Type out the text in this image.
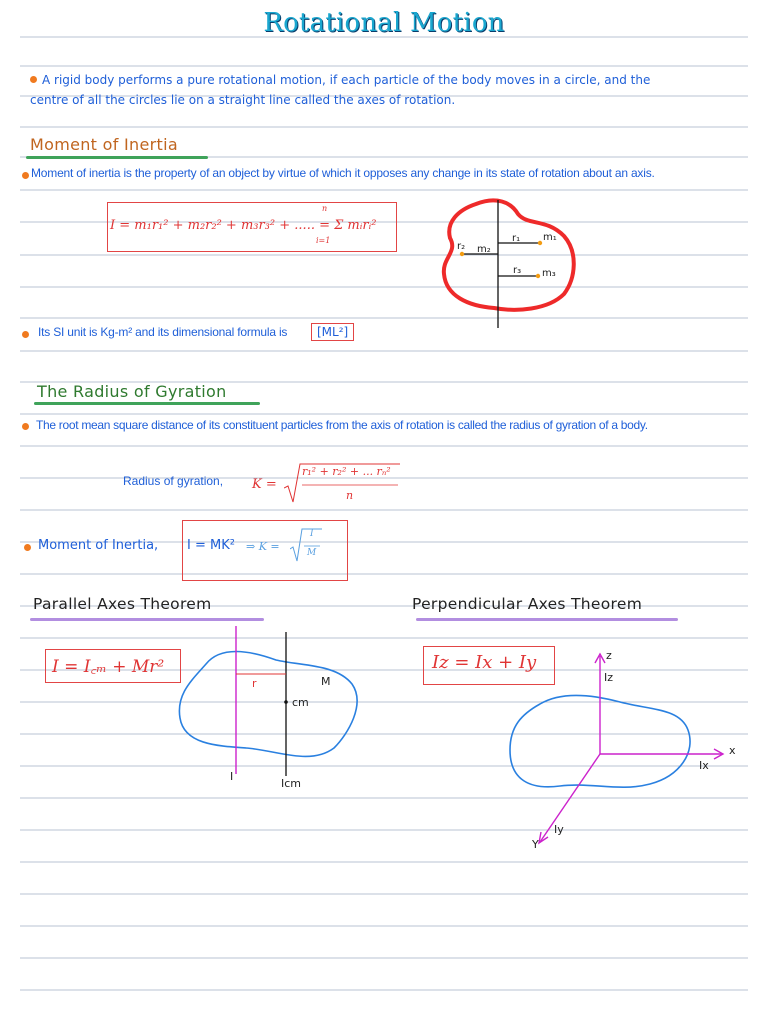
Rotational Motion
A rigid body performs a pure rotational motion, if each particle of the body moves in a circle, and the
centre of all the circles lie on a straight line called the axes of rotation.
Moment of Inertia
Moment of inertia is the property of an object by virtue of which it opposes any change in its state of rotation about an axis.
I = m₁r₁² + m₂r₂² + m₃r₃² + ..... = Σ mᵢrᵢ²
n
i=1	r₁ m₁
r₂ m₂
r₃ m₃
Its SI unit is Kg-m² and its dimensional formula is	[ML²]
The Radius of Gyration
The root mean square distance of its constituent particles from the axis of rotation is called the radius of gyration of a body.
Radius of gyration, K =
r₁² + r₂² + ... rₙ²
n
Moment of Inertia, I = MK² ⇒ K =
I
M
Parallel Axes Theorem
I = I꜀ₘ + Mr²
r	M
cm
I
Icm
Perpendicular Axes Theorem
Iz = Ix + Iy	z
Iz
x
Ix
Y
Iy
